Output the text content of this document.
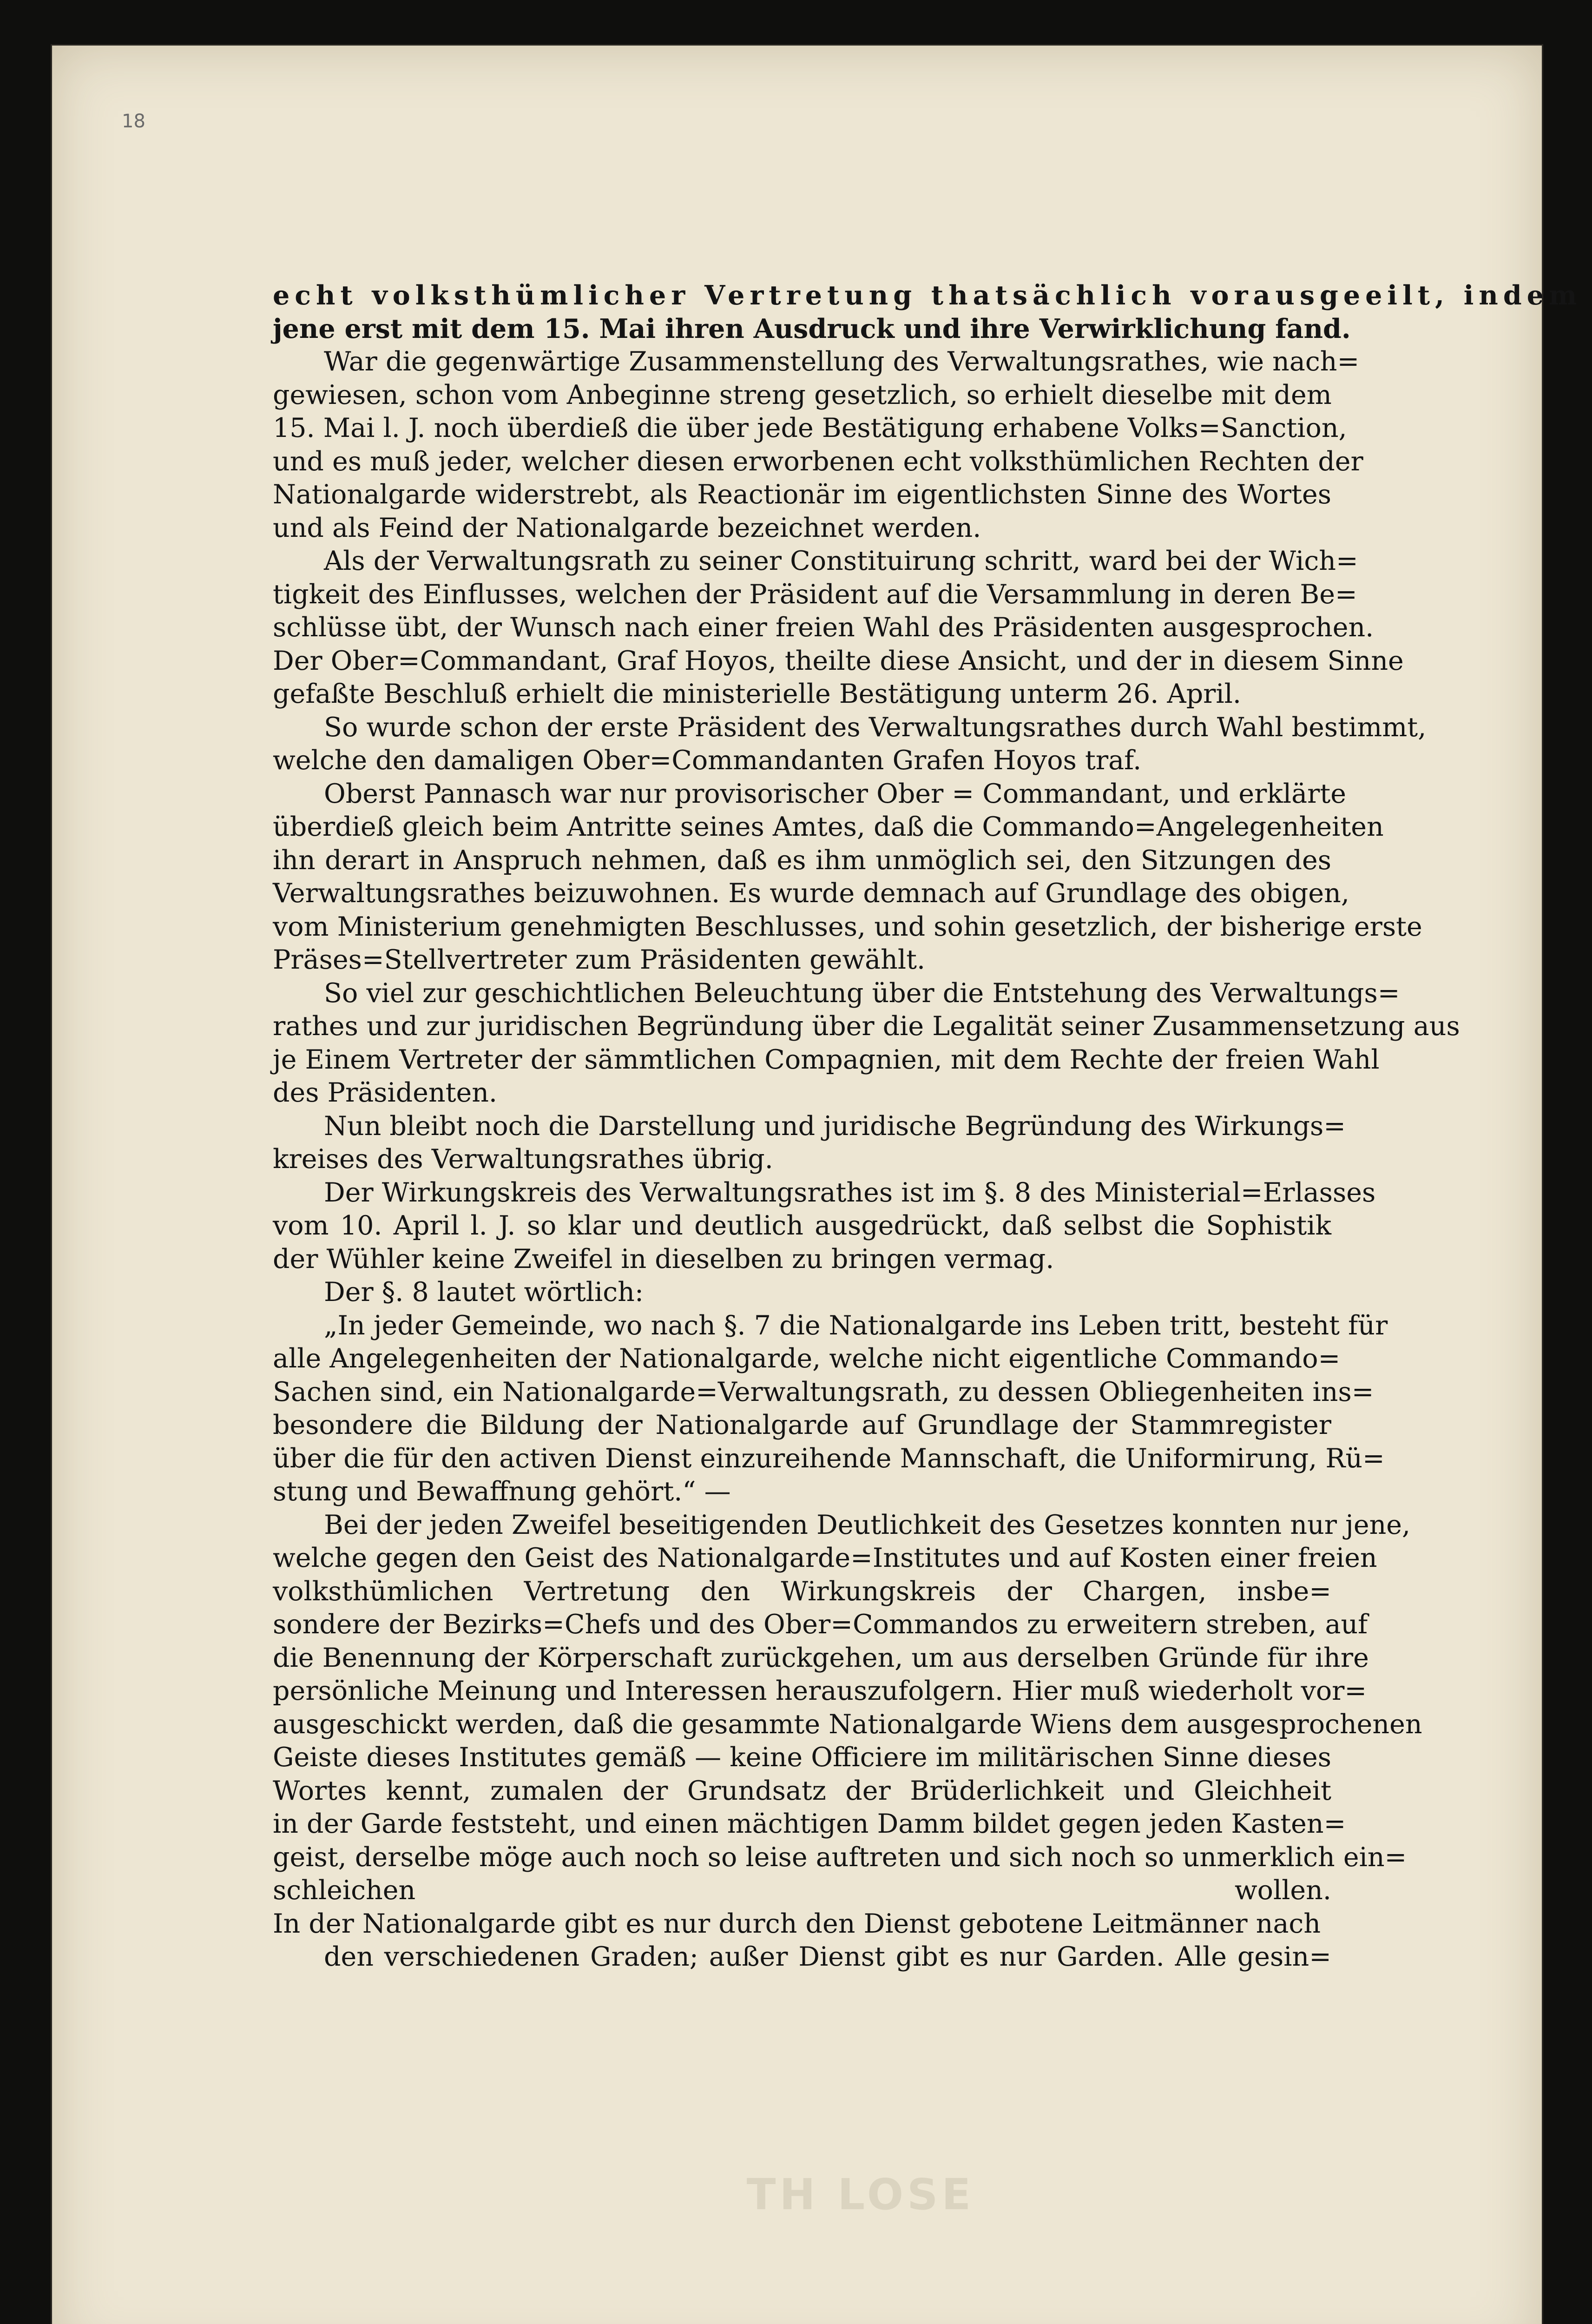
18
TH LOSE
echt volksthümlicher Vertretung thatsächlich vorausgeeilt, indem
jene erst mit dem 15. Mai ihren Ausdruck und ihre Verwirklichung fand.
War die gegenwärtige Zusammenstellung des Verwaltungsrathes, wie nach=
gewiesen, schon vom Anbeginne streng gesetzlich, so erhielt dieselbe mit dem
15. Mai l. J. noch überdieß die über jede Bestätigung erhabene Volks=Sanction,
und es muß jeder, welcher diesen erworbenen echt volksthümlichen Rechten der
Nationalgarde widerstrebt, als Reactionär im eigentlichsten Sinne des Wortes
und als Feind der Nationalgarde bezeichnet werden.
Als der Verwaltungsrath zu seiner Constituirung schritt, ward bei der Wich=
tigkeit des Einflusses, welchen der Präsident auf die Versammlung in deren Be=
schlüsse übt, der Wunsch nach einer freien Wahl des Präsidenten ausgesprochen.
Der Ober=Commandant, Graf Hoyos, theilte diese Ansicht, und der in diesem Sinne
gefaßte Beschluß erhielt die ministerielle Bestätigung unterm 26. April.
So wurde schon der erste Präsident des Verwaltungsrathes durch Wahl bestimmt,
welche den damaligen Ober=Commandanten Grafen Hoyos traf.
Oberst Pannasch war nur provisorischer Ober = Commandant, und erklärte
überdieß gleich beim Antritte seines Amtes, daß die Commando=Angelegenheiten
ihn derart in Anspruch nehmen, daß es ihm unmöglich sei, den Sitzungen des
Verwaltungsrathes beizuwohnen. Es wurde demnach auf Grundlage des obigen,
vom Ministerium genehmigten Beschlusses, und sohin gesetzlich, der bisherige erste
Präses=Stellvertreter zum Präsidenten gewählt.
So viel zur geschichtlichen Beleuchtung über die Entstehung des Verwaltungs=
rathes und zur juridischen Begründung über die Legalität seiner Zusammensetzung aus
je Einem Vertreter der sämmtlichen Compagnien, mit dem Rechte der freien Wahl
des Präsidenten.
Nun bleibt noch die Darstellung und juridische Begründung des Wirkungs=
kreises des Verwaltungsrathes übrig.
Der Wirkungskreis des Verwaltungsrathes ist im §. 8 des Ministerial=Erlasses
vom 10. April l. J. so klar und deutlich ausgedrückt, daß selbst die Sophistik
der Wühler keine Zweifel in dieselben zu bringen vermag.
Der §. 8 lautet wörtlich:
„In jeder Gemeinde, wo nach §. 7 die Nationalgarde ins Leben tritt, besteht für
alle Angelegenheiten der Nationalgarde, welche nicht eigentliche Commando=
Sachen sind, ein Nationalgarde=Verwaltungsrath, zu dessen Obliegenheiten ins=
besondere die Bildung der Nationalgarde auf Grundlage der Stammregister
über die für den activen Dienst einzureihende Mannschaft, die Uniformirung, Rü=
stung und Bewaffnung gehört.“ —
Bei der jeden Zweifel beseitigenden Deutlichkeit des Gesetzes konnten nur jene,
welche gegen den Geist des Nationalgarde=Institutes und auf Kosten einer freien
volksthümlichen Vertretung den Wirkungskreis der Chargen, insbe=
sondere der Bezirks=Chefs und des Ober=Commandos zu erweitern streben, auf
die Benennung der Körperschaft zurückgehen, um aus derselben Gründe für ihre
persönliche Meinung und Interessen herauszufolgern. Hier muß wiederholt vor=
ausgeschickt werden, daß die gesammte Nationalgarde Wiens dem ausgesprochenen
Geiste dieses Institutes gemäß — keine Officiere im militärischen Sinne dieses
Wortes kennt, zumalen der Grundsatz der Brüderlichkeit und Gleichheit
in der Garde feststeht, und einen mächtigen Damm bildet gegen jeden Kasten=
geist, derselbe möge auch noch so leise auftreten und sich noch so unmerklich ein=
schleichen wollen.
In der Nationalgarde gibt es nur durch den Dienst gebotene Leitmänner nach
den verschiedenen Graden; außer Dienst gibt es nur Garden. Alle gesin=
